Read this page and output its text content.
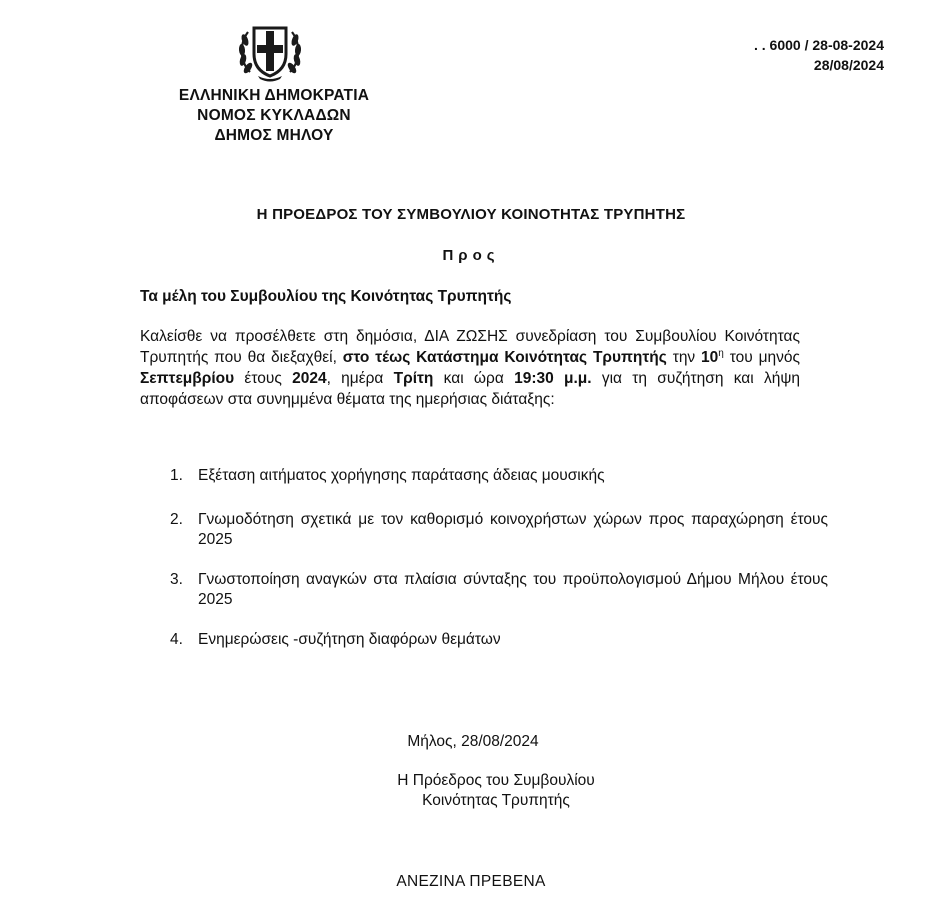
ΕΛΛΗΝΙΚΗ ΔΗΜΟΚΡΑΤΙΑ
ΝΟΜΟΣ ΚΥΚΛΑΔΩΝ
ΔΗΜΟΣ ΜΗΛΟΥ
. . 6000 / 28-08-2024
28/08/2024
Η ΠΡΟΕΔΡΟΣ ΤΟΥ ΣΥΜΒΟΥΛΙΟΥ ΚΟΙΝΟΤΗΤΑΣ ΤΡΥΠΗΤΗΣ
Προς
Τα μέλη του Συμβουλίου της Κοινότητας Τρυπητής
Καλείσθε να προσέλθετε στη δημόσια, ΔΙΑ ΖΩΣΗΣ συνεδρίαση του Συμβουλίου Κοινότητας Τρυπητής που θα διεξαχθεί, στο τέως Κατάστημα Κοινότητας Τρυπητής την $10^\eta$ του μηνός Σεπτεμβρίου έτους 2024, ημέρα Τρίτη και ώρα 19:30 μ.μ. για τη συζήτηση και λήψη αποφάσεων στα συνημμένα θέματα της ημερήσιας διάταξης:
1. Εξέταση αιτήματος χορήγησης παράτασης άδειας μουσικής
2. Γνωμοδότηση σχετικά με τον καθορισμό κοινοχρήστων χώρων προς παραχώρηση έτους 2025
3. Γνωστοποίηση αναγκών στα πλαίσια σύνταξης του προϋπολογισμού Δήμου Μήλου έτους 2025
4. Ενημερώσεις -συζήτηση διαφόρων θεμάτων
Μήλος, 28/08/2024
Η Πρόεδρος του Συμβουλίου
Κοινότητας Τρυπητής
ΑΝΕΖΙΝΑ ΠΡΕΒΕΝΑ
